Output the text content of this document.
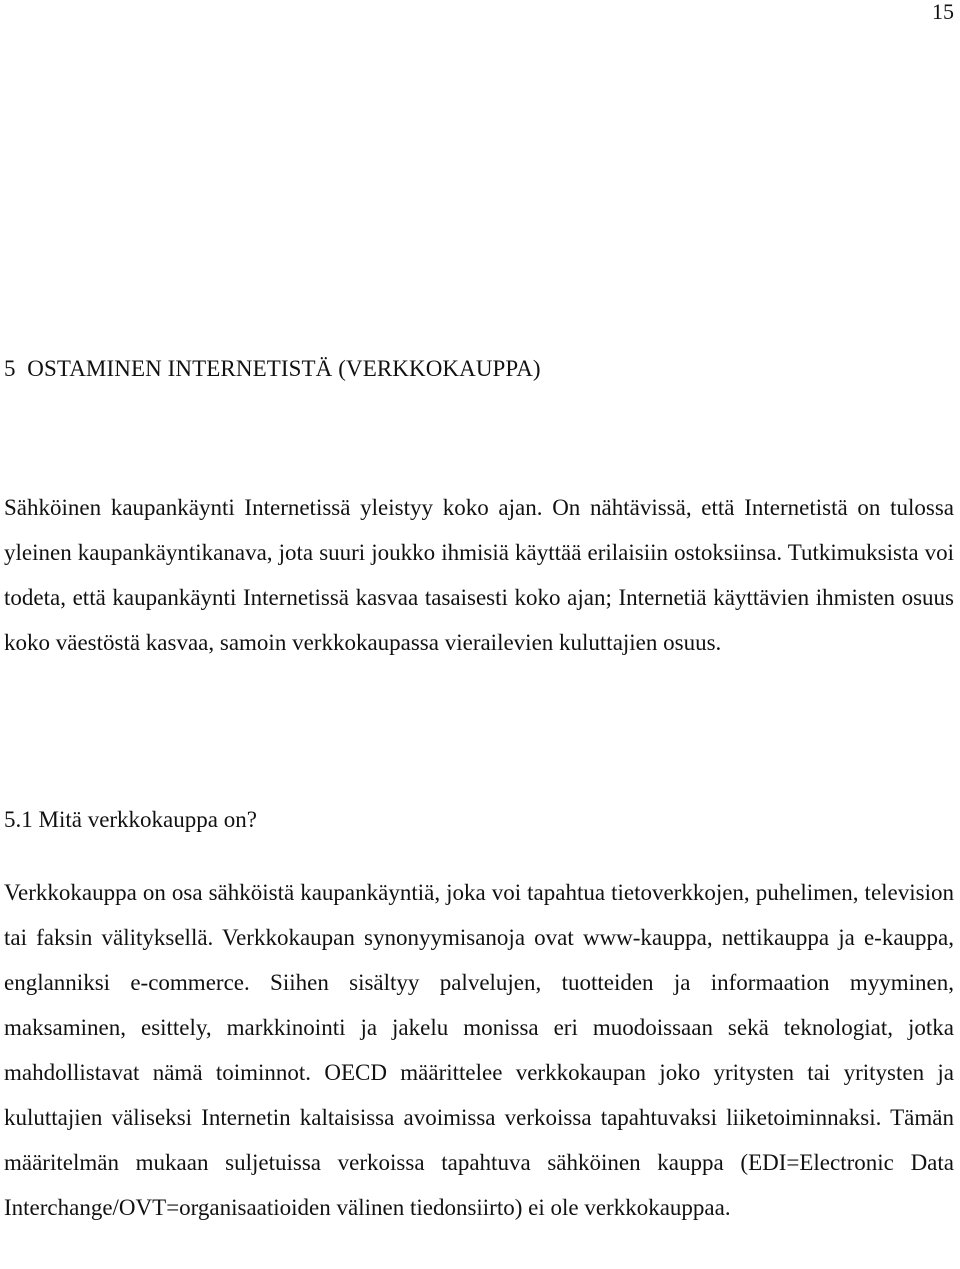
15
5  OSTAMINEN INTERNETISTÄ (VERKKOKAUPPA)

Sähköinen kaupankäynti Internetissä yleistyy koko ajan. On nähtävissä, että Internetistä on tulossa yleinen kaupankäyntikanava, jota suuri joukko ihmisiä käyttää erilaisiin ostoksiinsa. Tutkimuksista voi todeta, että kaupankäynti Internetissä kasvaa tasaisesti koko ajan; Internetiä käyttävien ihmisten osuus koko väestöstä kasvaa, samoin verkkokaupassa vierailevien kuluttajien osuus.

5.1 Mitä verkkokauppa on?

Verkkokauppa on osa sähköistä kaupankäyntiä, joka voi tapahtua tietoverkkojen, puhelimen, television tai faksin välityksellä. Verkkokaupan synonyymisanoja ovat www-kauppa, nettikauppa ja e-kauppa, englanniksi e-commerce. Siihen sisältyy palvelujen, tuotteiden ja informaation myyminen, maksaminen, esittely, markkinointi ja jakelu monissa eri muodoissaan sekä teknologiat, jotka mahdollistavat nämä toiminnot. OECD määrittelee verkkokaupan joko yritysten tai yritysten ja kuluttajien väliseksi Internetin kaltaisissa avoimissa verkoissa tapahtuvaksi liiketoiminnaksi. Tämän määritelmän mukaan suljetuissa verkoissa tapahtuva sähköinen kauppa (EDI=Electronic Data Interchange/OVT=organisaatioiden välinen tiedonsiirto) ei ole verkkokauppaa.
